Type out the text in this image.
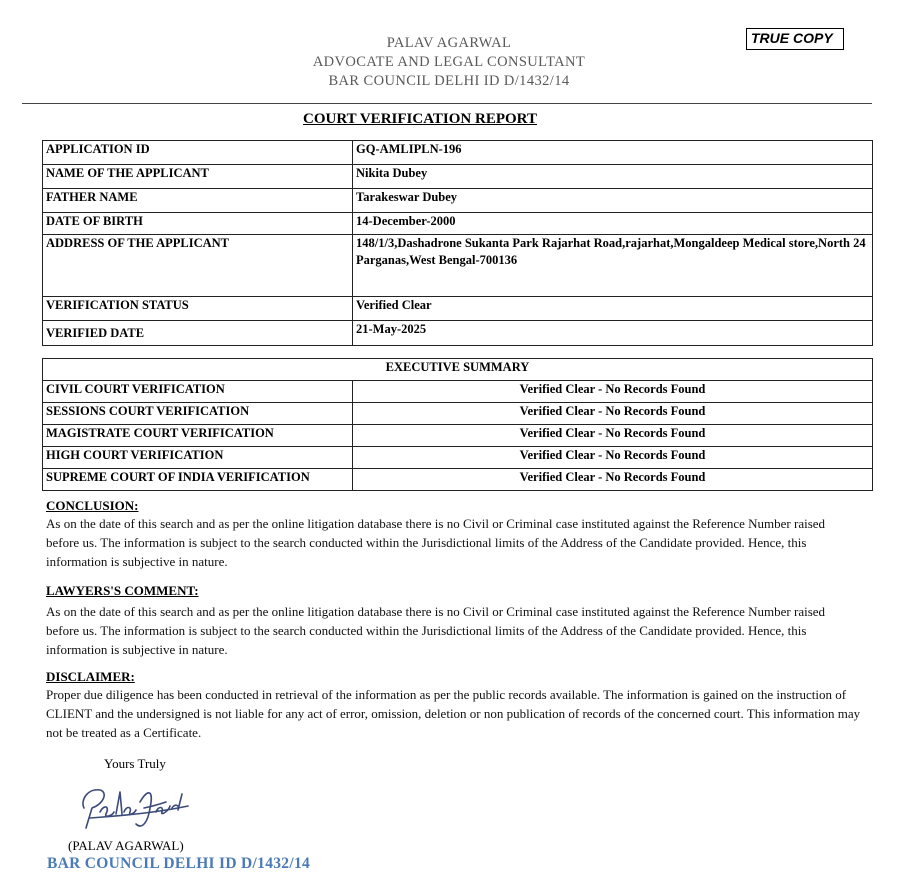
PALAV AGARWAL
ADVOCATE AND LEGAL CONSULTANT
BAR COUNCIL DELHI ID D/1432/14
TRUE COPY
COURT VERIFICATION REPORT
APPLICATION ID	GQ-AMLIPLN-196
NAME OF THE APPLICANT	Nikita Dubey
FATHER NAME	Tarakeswar Dubey
DATE OF BIRTH	14-December-2000
ADDRESS OF THE APPLICANT	148/1/3,Dashadrone Sukanta Park Rajarhat Road,rajarhat,Mongaldeep Medical store,North 24 Parganas,West Bengal-700136
VERIFICATION STATUS	Verified Clear
VERIFIED DATE	21-May-2025
EXECUTIVE SUMMARY	
CIVIL COURT VERIFICATION	Verified Clear - No Records Found
SESSIONS COURT VERIFICATION	Verified Clear - No Records Found
MAGISTRATE COURT VERIFICATION	Verified Clear - No Records Found
HIGH COURT VERIFICATION	Verified Clear - No Records Found
SUPREME COURT OF INDIA VERIFICATION	Verified Clear - No Records Found
CONCLUSION:
As on the date of this search and as per the online litigation database there is no Civil or Criminal case instituted against the Reference Number raised before us. The information is subject to the search conducted within the Jurisdictional limits of the Address of the Candidate provided. Hence, this information is subjective in nature.
LAWYERS'S COMMENT:
As on the date of this search and as per the online litigation database there is no Civil or Criminal case instituted against the Reference Number raised before us. The information is subject to the search conducted within the Jurisdictional limits of the Address of the Candidate provided. Hence, this information is subjective in nature.
DISCLAIMER:
Proper due diligence has been conducted in retrieval of the information as per the public records available. The information is gained on the instruction of CLIENT and the undersigned is not liable for any act of error, omission, deletion or non publication of records of the concerned court. This information may not be treated as a Certificate.
Yours Truly
(PALAV AGARWAL)
BAR COUNCIL DELHI ID D/1432/14
